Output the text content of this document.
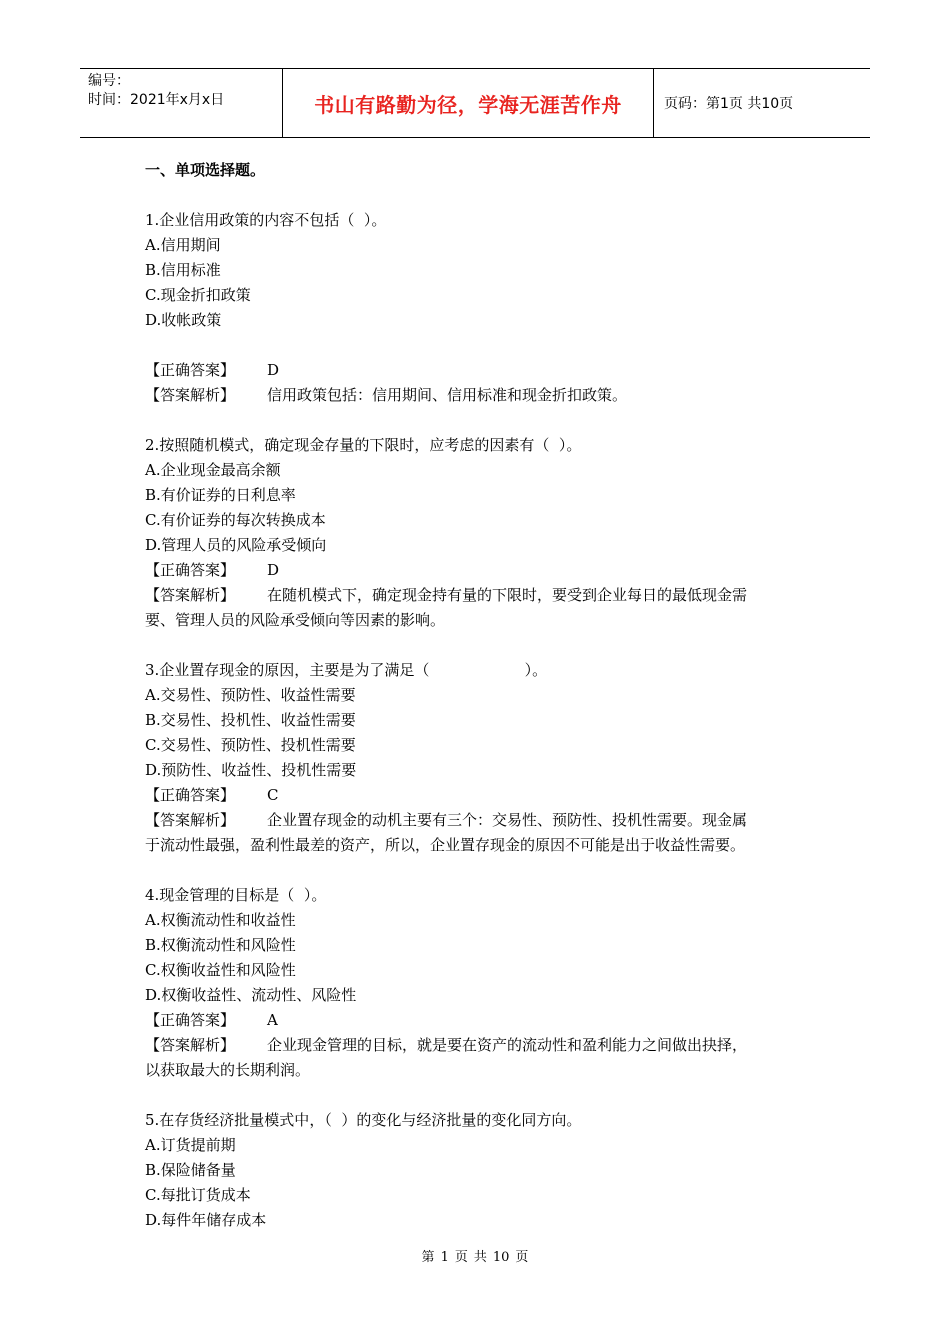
编号：
时间：2021年x月x日	书山有路勤为径，学海无涯苦作舟	页码：第1页 共10页
一、单项选择题。
1.企业信用政策的内容不包括（  ）。
A.信用期间
B.信用标准
C.现金折扣政策
D.收帐政策
【正确答案】 D
【答案解析】 信用政策包括：信用期间、信用标准和现金折扣政策。
2.按照随机模式，确定现金存量的下限时，应考虑的因素有（  ）。
A.企业现金最高余额
B.有价证券的日利息率
C.有价证券的每次转换成本
D.管理人员的风险承受倾向
【正确答案】 D
【答案解析】 在随机模式下，确定现金持有量的下限时，要受到企业每日的最低现金需
要、管理人员的风险承受倾向等因素的影响。
3.企业置存现金的原因，主要是为了满足（                    ）。
A.交易性、预防性、收益性需要
B.交易性、投机性、收益性需要
C.交易性、预防性、投机性需要
D.预防性、收益性、投机性需要
【正确答案】 C
【答案解析】 企业置存现金的动机主要有三个：交易性、预防性、投机性需要。现金属
于流动性最强，盈利性最差的资产，所以，企业置存现金的原因不可能是出于收益性需要。
4.现金管理的目标是（  ）。
A.权衡流动性和收益性
B.权衡流动性和风险性
C.权衡收益性和风险性
D.权衡收益性、流动性、风险性
【正确答案】 A
【答案解析】 企业现金管理的目标，就是要在资产的流动性和盈利能力之间做出抉择，
以获取最大的长期利润。
5.在存货经济批量模式中，（  ）的变化与经济批量的变化同方向。
A.订货提前期
B.保险储备量
C.每批订货成本
D.每件年储存成本
第 1 页 共 10 页
